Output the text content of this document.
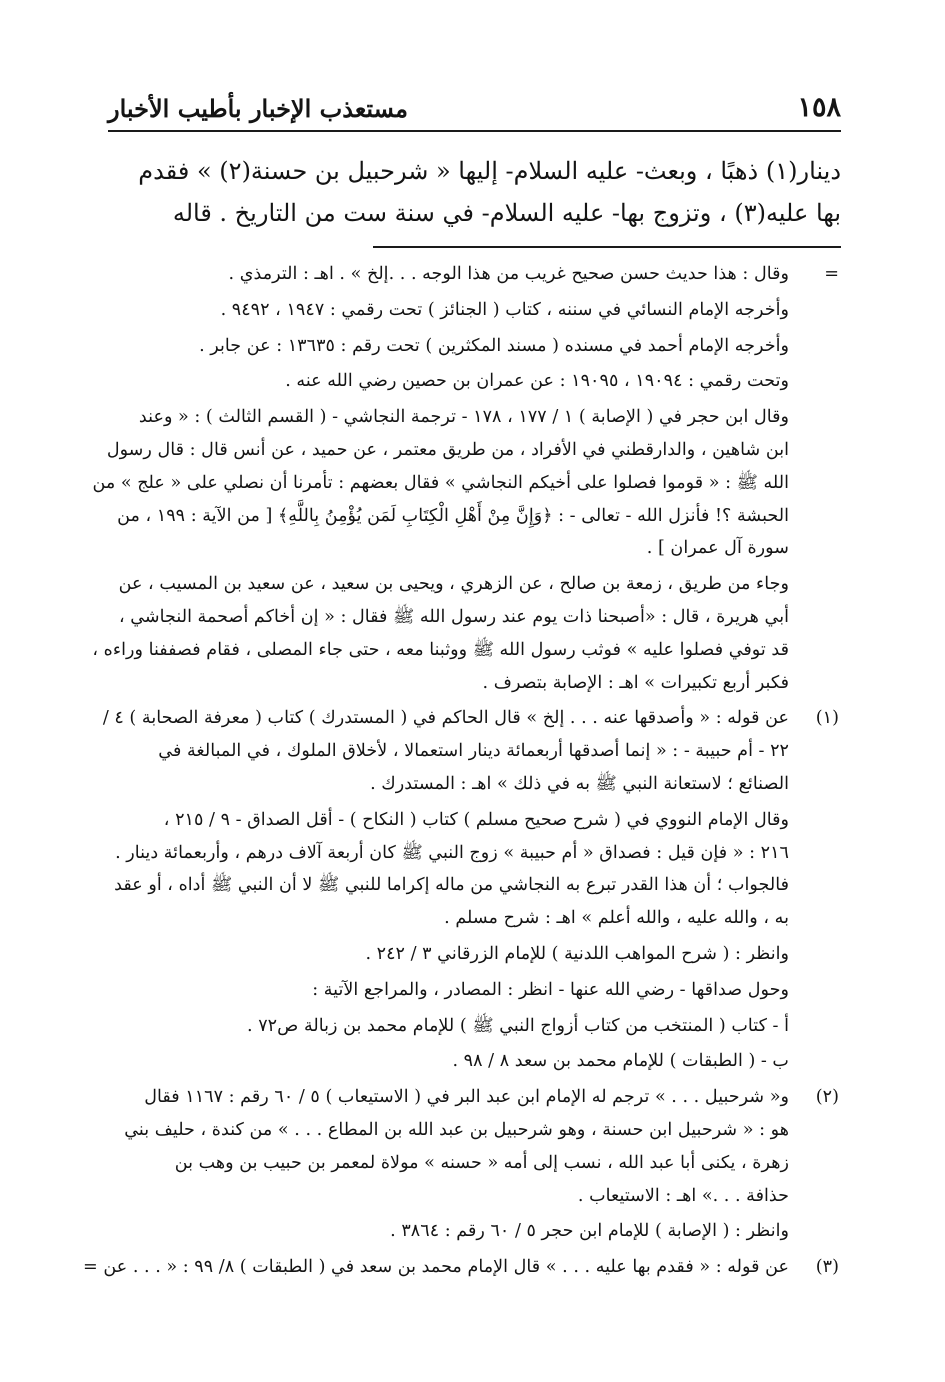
١٥٨
مستعذب الإخبار بأطيب الأخبار
دينار(١) ذهبًا ، وبعث- عليه السلام- إليها « شرحبيل بن حسنة(٢) » فقدم
بها عليه(٣) ، وتزوج بها- عليه السلام- في سنة ست من التاريخ . قاله
=
وقال : هذا حديث حسن صحيح غريب من هذا الوجه . . .إلخ » . اهـ : الترمذي .
وأخرجه الإمام النسائي في سننه ، كتاب ( الجنائز ) تحت رقمي : ١٩٤٧ ، ٩٤٩٢ .
وأخرجه الإمام أحمد في مسنده ( مسند المكثرين ) تحت رقم : ١٣٦٣٥ : عن جابر .
وتحت رقمي : ١٩٠٩٤ ، ١٩٠٩٥ : عن عمران بن حصين رضي الله عنه .
وقال ابن حجر في ( الإصابة ) ١ / ١٧٧ ، ١٧٨ - ترجمة النجاشي - ( القسم الثالث ) : « وعند
ابن شاهين ، والدارقطني في الأفراد ، من طريق معتمر ، عن حميد ، عن أنس قال : قال رسول
الله ﷺ : « قوموا فصلوا على أخيكم النجاشي » فقال بعضهم : تأمرنا أن نصلي على « علج » من
الحبشة ؟! فأنزل الله - تعالى - : ﴿وَإِنَّ مِنْ أَهْلِ الْكِتَابِ لَمَن يُؤْمِنُ بِاللَّهِ﴾ [ من الآية : ١٩٩ ، من
سورة آل عمران ] .
وجاء من طريق ، زمعة بن صالح ، عن الزهري ، ويحيى بن سعيد ، عن سعيد بن المسيب ، عن
أبي هريرة ، قال : «أصبحنا ذات يوم عند رسول الله ﷺ فقال : « إن أخاكم أصحمة النجاشي ،
قد توفي فصلوا عليه » فوثب رسول الله ﷺ ووثبنا معه ، حتى جاء المصلى ، فقام فصففنا وراءه ،
فكبر أربع تكبيرات » اهـ : الإصابة بتصرف .
(١)
عن قوله : « وأصدقها عنه . . . إلخ » قال الحاكم في ( المستدرك ) كتاب ( معرفة الصحابة ) ٤ /
٢٢ - أم حبيبة - : « إنما أصدقها أربعمائة دينار استعمالا ، لأخلاق الملوك ، في المبالغة في
الصنائع ؛ لاستعانة النبي ﷺ به في ذلك » اهـ : المستدرك .
وقال الإمام النووي في ( شرح صحيح مسلم ) كتاب ( النكاح ) - أقل الصداق - ٩ / ٢١٥ ،
٢١٦ : « فإن قيل : فصداق « أم حبيبة » زوج النبي ﷺ كان أربعة آلاف درهم ، وأربعمائة دينار .
فالجواب ؛ أن هذا القدر تبرع به النجاشي من ماله إكراما للنبي ﷺ لا أن النبي ﷺ أداه ، أو عقد
به ، والله عليه ، والله أعلم » اهـ : شرح مسلم .
وانظر : ( شرح المواهب اللدنية ) للإمام الزرقاني ٣ / ٢٤٢ .
وحول صداقها - رضي الله عنها - انظر : المصادر ، والمراجع الآتية :
أ - كتاب ( المنتخب من كتاب أزواج النبي ﷺ ) للإمام محمد بن زبالة ص٧٢ .
ب - ( الطبقات ) للإمام محمد بن سعد ٨ / ٩٨ .
(٢)
و« شرحبيل . . . » ترجم له الإمام ابن عبد البر في ( الاستيعاب ) ٥ / ٦٠ رقم : ١١٦٧ فقال
هو : « شرحبيل ابن حسنة ، وهو شرحبيل بن عبد الله بن المطاع . . . » من كندة ، حليف بني
زهرة ، يكنى أبا عبد الله ، نسب إلى أمه « حسنه » مولاة لمعمر بن حبيب بن وهب بن
حذافة . . .» اهـ : الاستيعاب .
وانظر : ( الإصابة ) للإمام ابن حجر ٥ / ٦٠ رقم : ٣٨٦٤ .
(٣)
عن قوله : « فقدم بها عليه . . . » قال الإمام محمد بن سعد في ( الطبقات ) ٨/ ٩٩ : « . . . عن =
